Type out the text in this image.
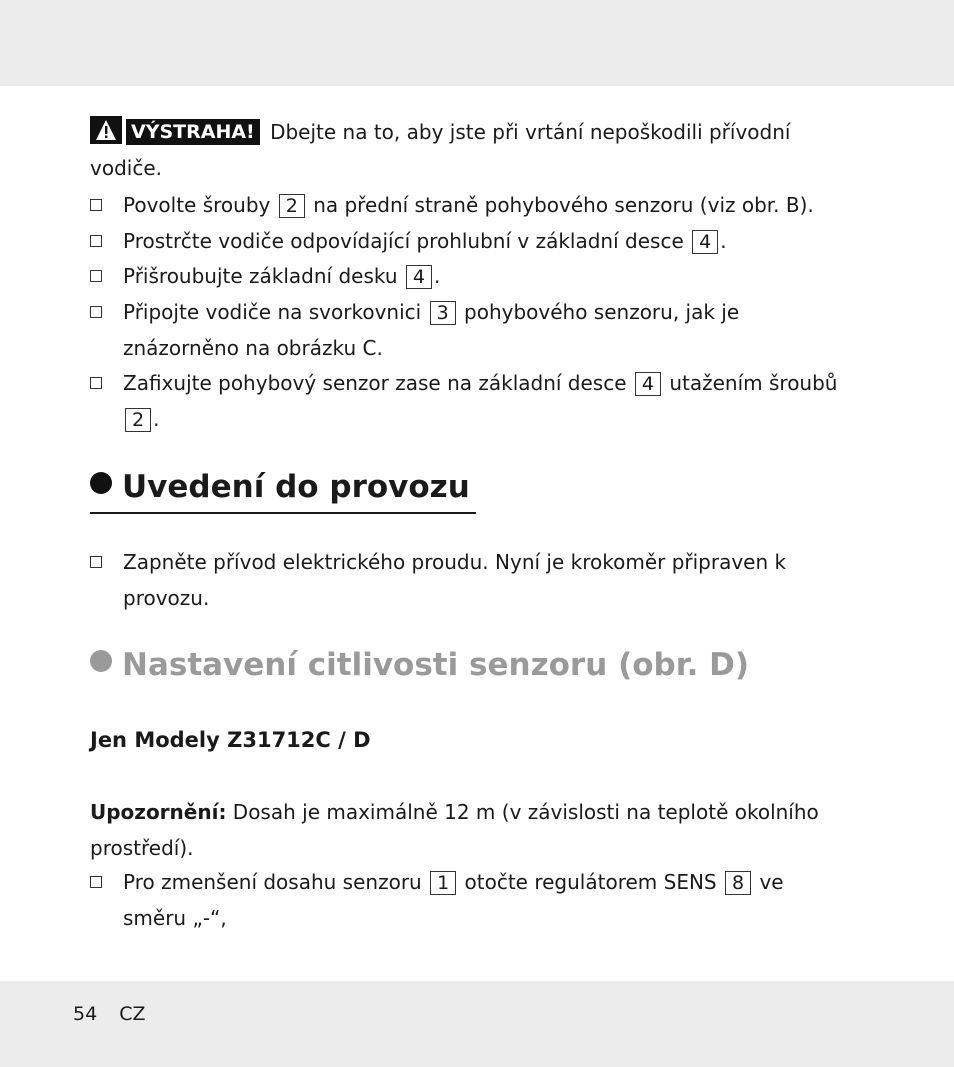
VÝSTRAHA! Dbejte na to, aby jste při vrtání nepoškodili přívodní vodiče.
Povolte šrouby 2 na přední straně pohybového senzoru (viz obr. B).
Prostrčte vodiče odpovídající prohlubní v základní desce 4 .
Přišroubujte základní desku 4 .
Připojte vodiče na svorkovnici 3 pohybového senzoru, jak je znázorněno na obrázku C.
Zafixujte pohybový senzor zase na základní desce 4 utažením šroubů 2 .
Uvedení do provozu
Zapněte přívod elektrického proudu. Nyní je krokoměr připraven k provozu.
Nastavení citlivosti senzoru (obr. D)
Jen Modely Z31712C / D
Upozornění: Dosah je maximálně 12 m (v závislosti na teplotě okolního prostředí).
Pro zmenšení dosahu senzoru 1 otočte regulátorem SENS 8 ve směru „-“,
54 CZ
